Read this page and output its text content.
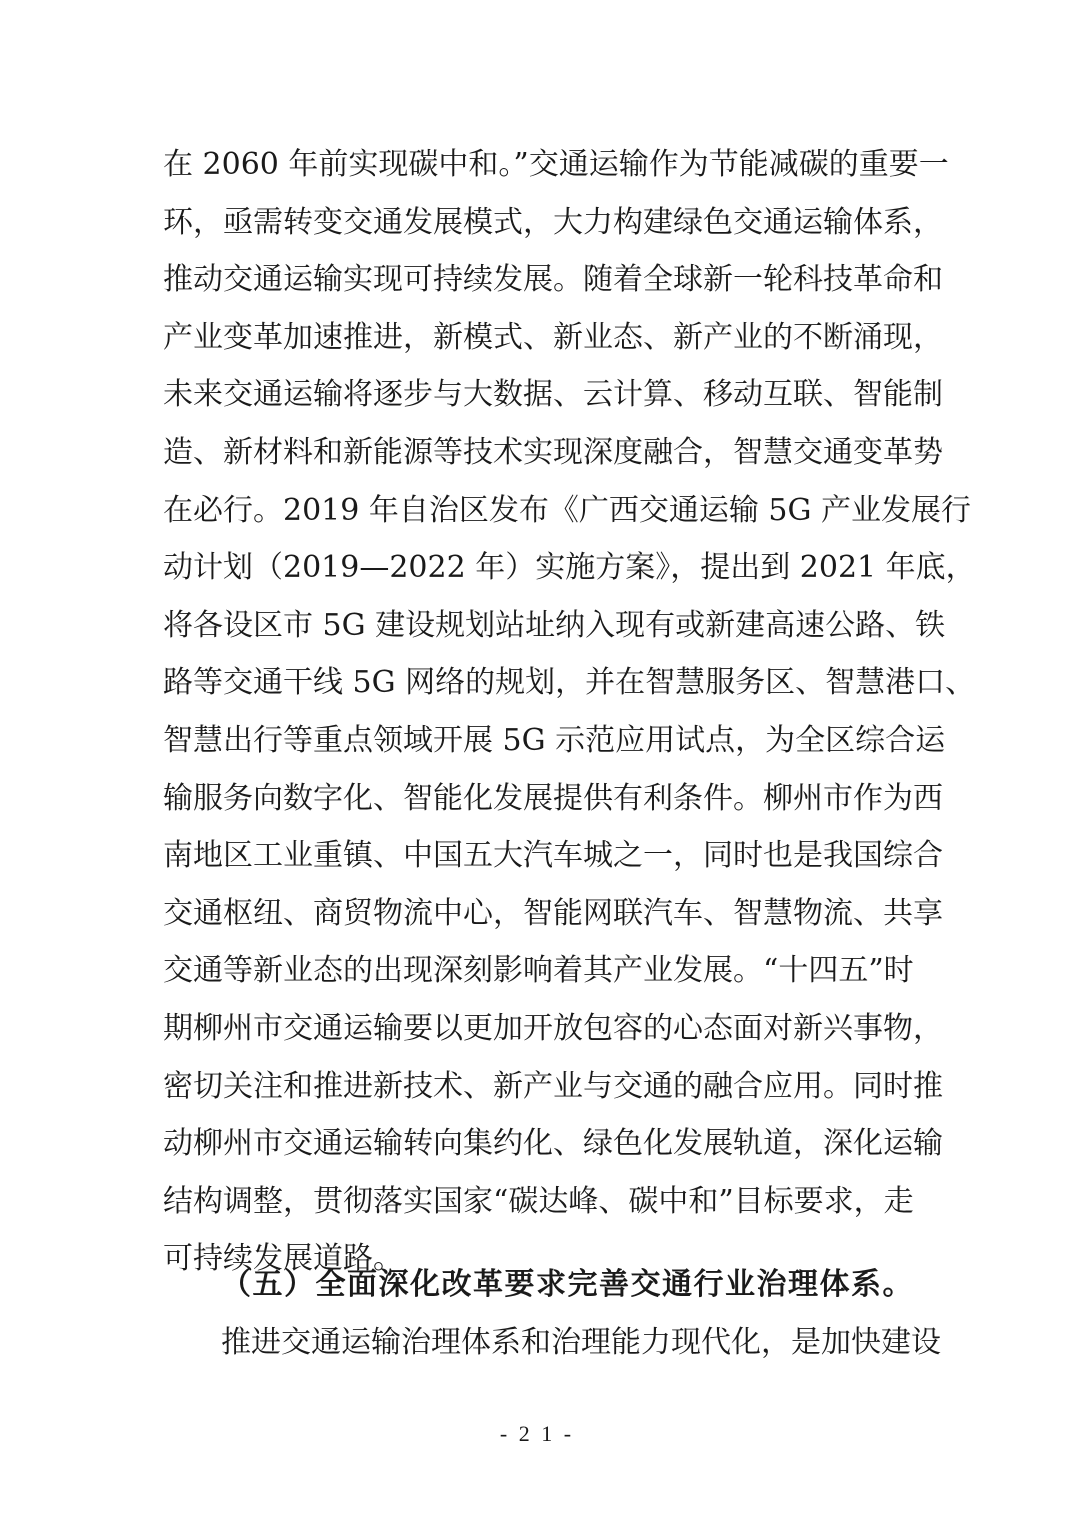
在 2060 年前实现碳中和。”交通运输作为节能减碳的重要一
环，亟需转变交通发展模式，大力构建绿色交通运输体系，
推动交通运输实现可持续发展。随着全球新一轮科技革命和
产业变革加速推进，新模式、新业态、新产业的不断涌现，
未来交通运输将逐步与大数据、云计算、移动互联、智能制
造、新材料和新能源等技术实现深度融合，智慧交通变革势
在必行。2019 年自治区发布《广西交通运输 5G 产业发展行
动计划（2019—2022 年）实施方案》，提出到 2021 年底，
将各设区市 5G 建设规划站址纳入现有或新建高速公路、铁
路等交通干线 5G 网络的规划，并在智慧服务区、智慧港口、
智慧出行等重点领域开展 5G 示范应用试点，为全区综合运
输服务向数字化、智能化发展提供有利条件。柳州市作为西
南地区工业重镇、中国五大汽车城之一，同时也是我国综合
交通枢纽、商贸物流中心，智能网联汽车、智慧物流、共享
交通等新业态的出现深刻影响着其产业发展。“十四五”时
期柳州市交通运输要以更加开放包容的心态面对新兴事物，
密切关注和推进新技术、新产业与交通的融合应用。同时推
动柳州市交通运输转向集约化、绿色化发展轨道，深化运输
结构调整，贯彻落实国家“碳达峰、碳中和”目标要求，走
可持续发展道路。
（五）全面深化改革要求完善交通行业治理体系。
推进交通运输治理体系和治理能力现代化，是加快建设
- 2 1 -
